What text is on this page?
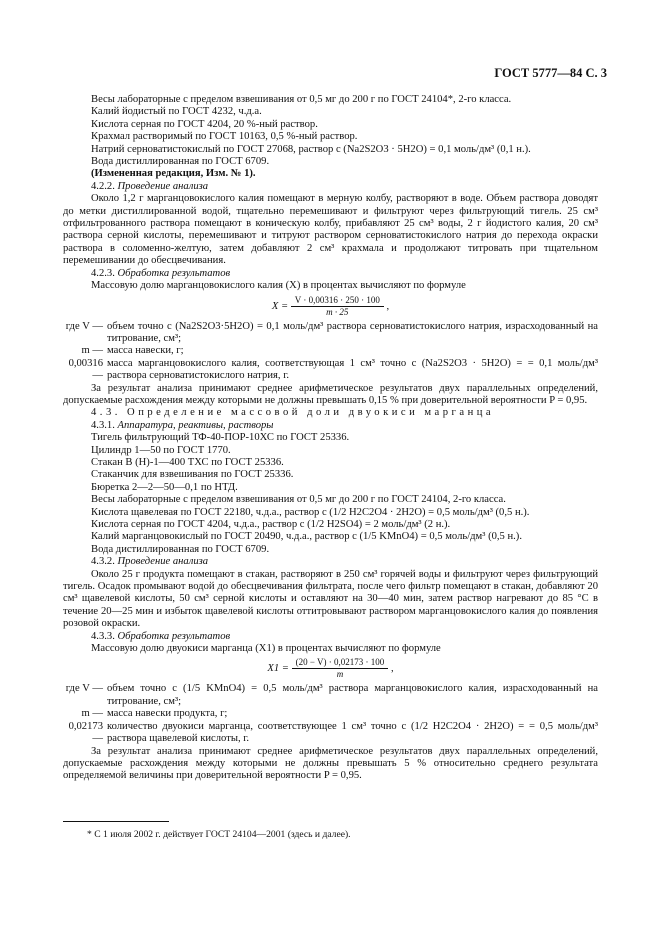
ГОСТ 5777—84 С. 3
Весы лабораторные с пределом взвешивания от 0,5 мг до 200 г по ГОСТ 24104*, 2-го класса.
Калий йодистый по ГОСТ 4232, ч.д.а.
Кислота серная по ГОСТ 4204, 20 %-ный раствор.
Крахмал растворимый по ГОСТ 10163, 0,5 %-ный раствор.
Натрий серноватистокислый по ГОСТ 27068, раствор c (Na2S2O3 · 5H2O) = 0,1 моль/дм³ (0,1 н.).
Вода дистиллированная по ГОСТ 6709.
(Измененная редакция, Изм. № 1).
4.2.2. Проведение анализа
Около 1,2 г марганцовокислого калия помещают в мерную колбу, растворяют в воде. Объем раствора доводят до метки дистиллированной водой, тщательно перемешивают и фильтруют через фильтрующий тигель. 25 см³ отфильтрованного раствора помещают в коническую колбу, прибавляют 25 см³ воды, 2 г йодистого калия, 20 см³ раствора серной кислоты, перемешивают и титруют раствором серноватистокислого натрия до перехода окраски раствора в соломенно-желтую, затем добавляют 2 см³ крахмала и продолжают титровать при тщательном перемешивании до обесцвечивания.
4.2.3. Обработка результатов
Массовую долю марганцовокислого калия (X) в процентах вычисляют по формуле
$X = \frac{V \cdot 0,00316 \cdot 250 \cdot 100}{m \cdot 25}$ ,
где V — объем точно c (Na2S2O3·5H2O) = 0,1 моль/дм³ раствора серноватистокислого натрия, израсходованный на титрование, см³;
m — масса навески, г;
0,00316 —
масса марганцовокислого калия, соответствующая 1 см³ точно c (Na2S2O3 · 5H2O) = = 0,1 моль/дм³ раствора серноватистокислого натрия, г.
За результат анализа принимают среднее арифметическое результатов двух параллельных определений, допускаемые расхождения между которыми не должны превышать 0,15 % при доверительной вероятности P = 0,95.
4.3. Определение массовой доли двуокиси марганца
4.3.1. Аппаратура, реактивы, растворы
Тигель фильтрующий ТФ-40-ПОР-10ХС по ГОСТ 25336.
Цилиндр 1—50 по ГОСТ 1770.
Стакан В (Н)-1—400 ТХС по ГОСТ 25336.
Стаканчик для взвешивания по ГОСТ 25336.
Бюретка 2—2—50—0,1 по НТД.
Весы лабораторные с пределом взвешивания от 0,5 мг до 200 г по ГОСТ 24104, 2-го класса.
Кислота щавелевая по ГОСТ 22180, ч.д.а., раствор c (1/2 H2C2O4 · 2H2O) = 0,5 моль/дм³ (0,5 н.).
Кислота серная по ГОСТ 4204, ч.д.а., раствор c (1/2 H2SO4) = 2 моль/дм³ (2 н.).
Калий марганцовокислый по ГОСТ 20490, ч.д.а., раствор c (1/5 KMnO4) = 0,5 моль/дм³ (0,5 н.).
Вода дистиллированная по ГОСТ 6709.
4.3.2. Проведение анализа
Около 25 г продукта помещают в стакан, растворяют в 250 см³ горячей воды и фильтруют через фильтрующий тигель. Осадок промывают водой до обесцвечивания фильтрата, после чего фильтр помещают в стакан, добавляют 20 см³ щавелевой кислоты, 50 см³ серной кислоты и оставляют на 30—40 мин, затем раствор нагревают до 85 °С в течение 20—25 мин и избыток щавелевой кислоты оттитровывают раствором марганцовокислого калия до появления розовой окраски.
4.3.3. Обработка результатов
Массовую долю двуокиси марганца (X1) в процентах вычисляют по формуле
$X1 = \frac{(20 - V) \cdot 0,02173 \cdot 100}{m}$ ,
где V — объем точно c (1/5 KMnO4) = 0,5 моль/дм³ раствора марганцовокислого калия, израсходованный на титрование, см³;
m — масса навески продукта, г;
0,02173 —
количество двуокиси марганца, соответствующее 1 см³ точно c (1/2 H2C2O4 · 2H2O) = = 0,5 моль/дм³ раствора щавелевой кислоты, г.
За результат анализа принимают среднее арифметическое результатов двух параллельных определений, допускаемые расхождения между которыми не должны превышать 5 % относительно среднего результата определяемой величины при доверительной вероятности P = 0,95.
* С 1 июля 2002 г. действует ГОСТ 24104—2001 (здесь и далее).
